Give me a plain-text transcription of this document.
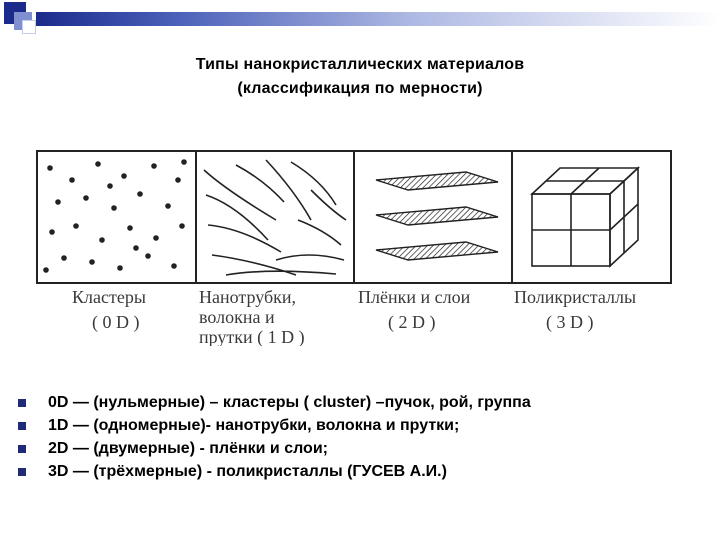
Типы нанокристаллических материалов
(классификация по мерности)
Кластеры
( 0 D )
Нанотрубки,
волокна и
прутки ( 1 D )
Плёнки и слои
( 2 D )
Поликристаллы
( 3 D )
0D — (нульмерные) – кластеры ( cluster) –пучок, рой, группа
1D — (одномерные)- нанотрубки, волокна и прутки;
2D — (двумерные) - плёнки и слои;
3D — (трёхмерные) - поликристаллы (ГУСЕВ А.И.)
